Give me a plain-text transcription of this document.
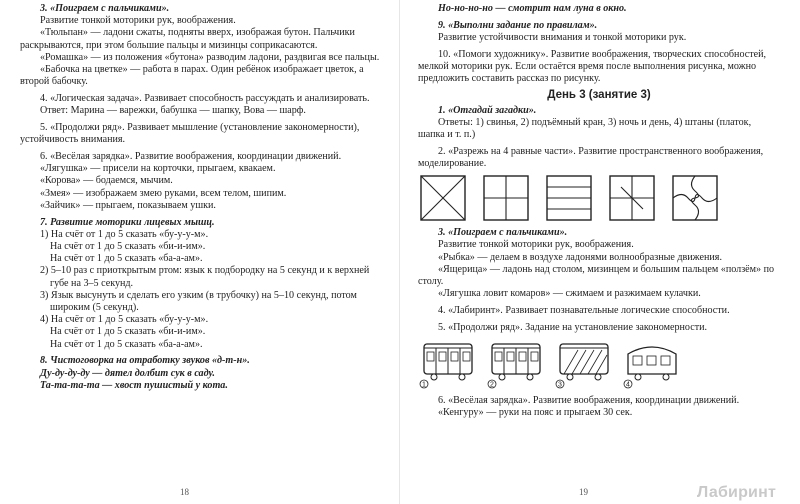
3. «Поиграем с пальчиками».

Развитие тонкой моторики рук, воображения.

«Тюльпан» — ладони сжаты, подняты вверх, изображая бутон. Пальчики раскрываются, при этом большие пальцы и мизинцы соприкасаются.

«Ромашка» — из положения «бутона» разводим ладони, раздвигая все пальцы.

«Бабочка на цветке» — работа в парах. Один ребёнок изображает цветок, а второй бабочку.

4. «Логическая задача». Развивает способность рассуждать и анализировать.

Ответ: Марина — варежки, бабушка — шапку, Вова — шарф.

5. «Продолжи ряд». Развивает мышление (установление закономерности), устойчивость внимания.

6. «Весёлая зарядка». Развитие воображения, координации движений.

«Лягушка» — присели на корточки, прыгаем, квакаем.

«Корова» — бодаемся, мычим.

«Змея» — изображаем змею руками, всем телом, шипим.

«Зайчик» — прыгаем, показываем ушки.

7. Развитие моторики лицевых мышц.

1) На счёт от 1 до 5 сказать «бу-у-у-м».

На счёт от 1 до 5 сказать «би-и-им».

На счёт от 1 до 5 сказать «ба-а-ам».

2) 5–10 раз с приоткрытым ртом: язык к подбородку на 5 секунд и к верхней губе на 3–5 секунд.

3) Язык высунуть и сделать его узким (в трубочку) на 5–10 секунд, потом широким (5 секунд).

4) На счёт от 1 до 5 сказать «бу-у-у-м».

На счёт от 1 до 5 сказать «би-и-им».

На счёт от 1 до 5 сказать «ба-а-ам».

8. Чистоговорка на отработку звуков «д-т-н».

Ду-ду-ду-ду — дятел долбит сук в саду.

Та-та-та-та — хвост пушистый у кота.

18

Но-но-но-но — смотрит нам луна в окно.

9. «Выполни задание по правилам».

Развитие устойчивости внимания и тонкой моторики рук.

10. «Помоги художнику». Развитие воображения, творческих способностей, мелкой моторики рук. Если остаётся время после выполнения рисунка, можно предложить составить рассказ по рисунку.

День 3 (занятие 3)

1. «Отгадай загадки».

Ответы: 1) свинья, 2) подъёмный кран, 3) ночь и день, 4) штаны (платок, шапка и т. п.)

2. «Разрежь на 4 равные части». Развитие пространственного воображения, моделирование.

3. «Поиграем с пальчиками».

Развитие тонкой моторики рук, воображения.

«Рыбка» — делаем в воздухе ладонями волнообразные движения.

«Ящерица» — ладонь над столом, мизинцем и большим пальцем «ползём» по столу.

«Лягушка ловит комаров» — сжимаем и разжимаем кулачки.

4. «Лабиринт». Развивает познавательные логические способности.

5. «Продолжи ряд». Задание на установление закономерности.

1	2	3	4

6. «Весёлая зарядка». Развитие воображения, координации движений.

«Кенгуру» — руки на пояс и прыгаем 30 сек.

19	Лабиринт
